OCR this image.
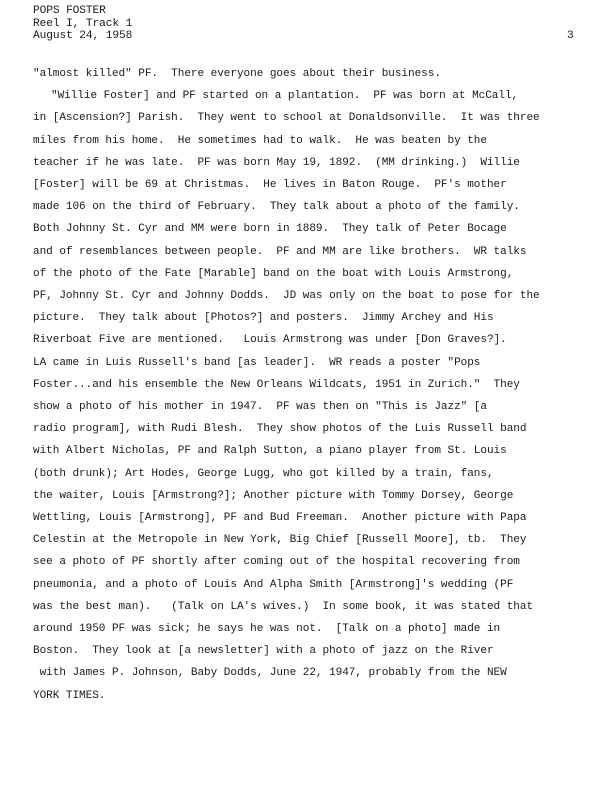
POPS FOSTER
Reel I, Track 1
August 24, 1958	3
"almost killed" PF.  There everyone goes about their business.
"Willie Foster] and PF started on a plantation.  PF was born at McCall,
in [Ascension?] Parish.  They went to school at Donaldsonville.  It was three
miles from his home.  He sometimes had to walk.  He was beaten by the
teacher if he was late.  PF was born May 19, 1892.  (MM drinking.)  Willie
[Foster] will be 69 at Christmas.  He lives in Baton Rouge.  PF's mother
made 106 on the third of February.  They talk about a photo of the family.
Both Johnny St. Cyr and MM were born in 1889.  They talk of Peter Bocage
and of resemblances between people.  PF and MM are like brothers.  WR talks
of the photo of the Fate [Marable] band on the boat with Louis Armstrong,
PF, Johnny St. Cyr and Johnny Dodds.  JD was only on the boat to pose for the
picture.  They talk about [Photos?] and posters.  Jimmy Archey and His
Riverboat Five are mentioned.   Louis Armstrong was under [Don Graves?].
LA came in Luis Russell's band [as leader].  WR reads a poster "Pops
Foster...and his ensemble the New Orleans Wildcats, 1951 in Zurich."  They
show a photo of his mother in 1947.  PF was then on "This is Jazz" [a
radio program], with Rudi Blesh.  They show photos of the Luis Russell band
with Albert Nicholas, PF and Ralph Sutton, a piano player from St. Louis
(both drunk); Art Hodes, George Lugg, who got killed by a train, fans,
the waiter, Louis [Armstrong?]; Another picture with Tommy Dorsey, George
Wettling, Louis [Armstrong], PF and Bud Freeman.  Another picture with Papa
Celestin at the Metropole in New York, Big Chief [Russell Moore], tb.  They
see a photo of PF shortly after coming out of the hospital recovering from
pneumonia, and a photo of Louis And Alpha Smith [Armstrong]'s wedding (PF
was the best man).   (Talk on LA's wives.)  In some book, it was stated that
around 1950 PF was sick; he says he was not.  [Talk on a photo] made in
Boston.  They look at [a newsletter] with a photo of jazz on the River
with James P. Johnson, Baby Dodds, June 22, 1947, probably from the NEW
YORK TIMES.
